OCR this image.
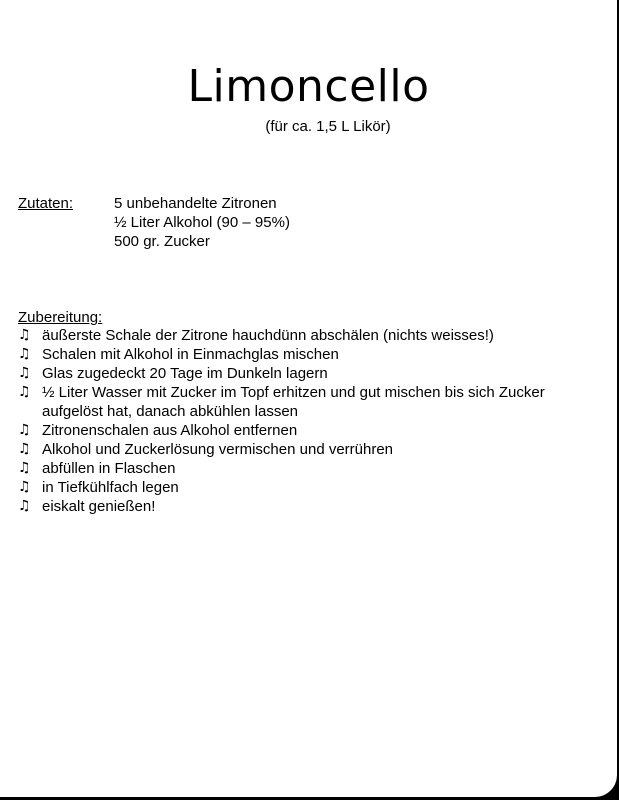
Limoncello
(für ca. 1,5 L Likör)
Zutaten:	5 unbehandelte Zitronen
½ Liter Alkohol (90 – 95%)
500 gr. Zucker
Zubereitung:
♫ äußerste Schale der Zitrone hauchdünn abschälen (nichts weisses!)
♫ Schalen mit Alkohol in Einmachglas mischen
♫ Glas zugedeckt 20 Tage im Dunkeln lagern
♫ ½ Liter Wasser mit Zucker im Topf erhitzen und gut mischen bis sich Zucker aufgelöst hat, danach abkühlen lassen
♫ Zitronenschalen aus Alkohol entfernen
♫ Alkohol und Zuckerlösung vermischen und verrühren
♫ abfüllen in Flaschen
♫ in Tiefkühlfach legen
♫ eiskalt genießen!
